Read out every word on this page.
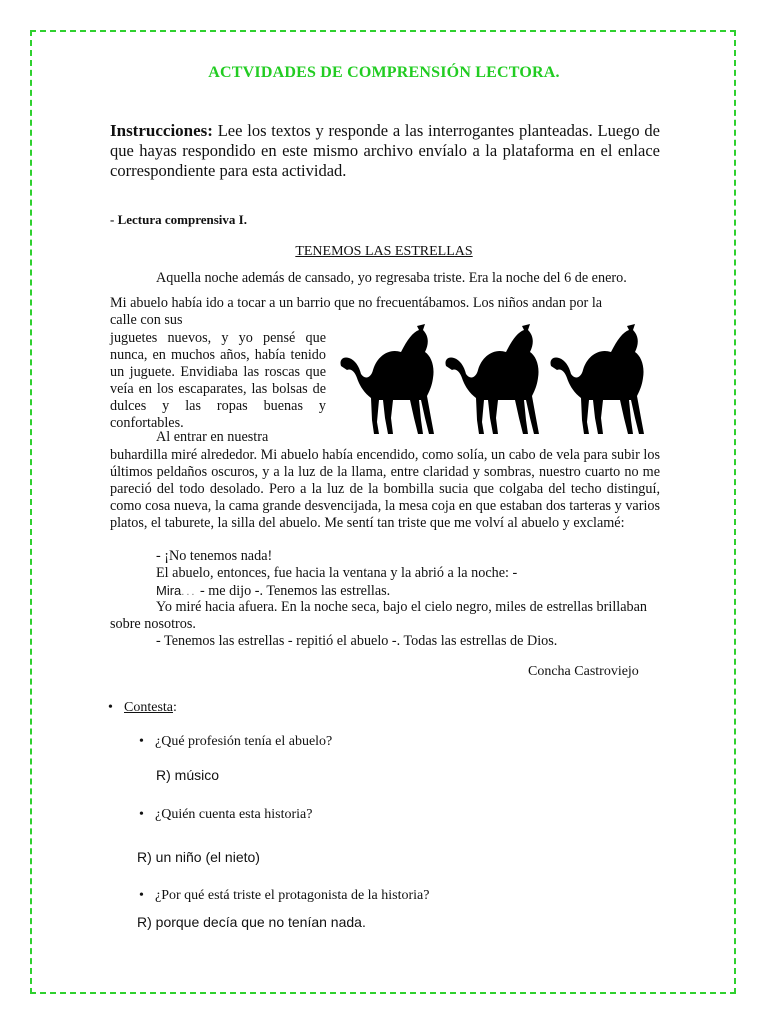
ACTVIDADES DE COMPRENSIÓN LECTORA.
Instrucciones: Lee los textos y responde a las interrogantes planteadas. Luego de que hayas respondido en este mismo archivo envíalo a la plataforma en el enlace correspondiente para esta actividad.
- Lectura comprensiva I.
TENEMOS LAS ESTRELLAS
Aquella noche además de cansado, yo regresaba triste. Era la noche del 6 de enero.
Mi abuelo había ido a tocar a un barrio que no frecuentábamos. Los niños andan por la
calle con sus
juguetes nuevos, y yo pensé que nunca, en muchos años, había tenido un juguete. Envidiaba las roscas que veía en los escaparates, las bolsas de dulces y las ropas buenas y confortables.
Al entrar en nuestra
buhardilla miré alrededor. Mi abuelo había encendido, como solía, un cabo de vela para subir los últimos peldaños oscuros, y a la luz de la llama, entre claridad y sombras, nuestro cuarto no me pareció del todo desolado. Pero a la luz de la bombilla sucia que colgaba del techo distinguí, como cosa nueva, la cama grande desvencijada, la mesa coja en que estaban dos tarteras y varios platos, el taburete, la silla del abuelo. Me sentí tan triste que me volví al abuelo y exclamé:
- ¡No tenemos nada!
El abuelo, entonces, fue hacia la ventana y la abrió a la noche: -
Mira... - me dijo -. Tenemos las estrellas.
Yo miré hacia afuera. En la noche seca, bajo el cielo negro, miles de estrellas brillaban sobre nosotros.
- Tenemos las estrellas - repitió el abuelo -. Todas las estrellas de Dios.
Concha Castroviejo
• Contesta:
• ¿Qué profesión tenía el abuelo?
R) músico
• ¿Quién cuenta esta historia?
R) un niño (el nieto)
• ¿Por qué está triste el protagonista de la historia?
R) porque decía que no tenían nada.
